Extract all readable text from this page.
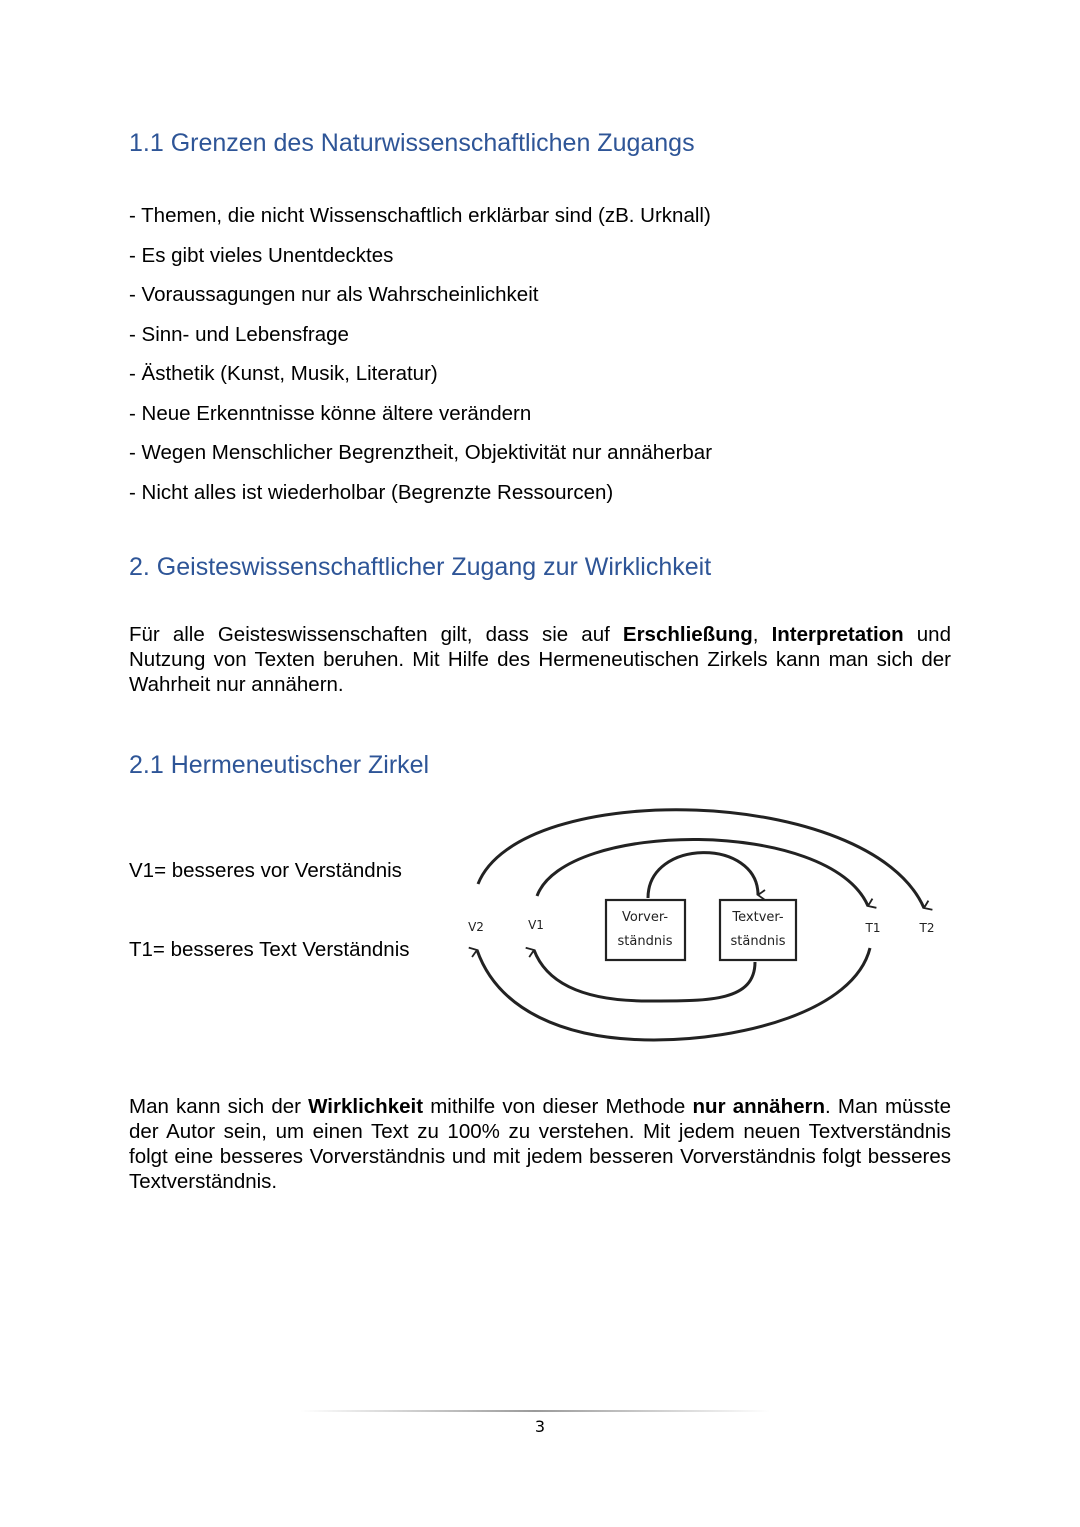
1.1 Grenzen des Naturwissenschaftlichen Zugangs
- Themen, die nicht Wissenschaftlich erklärbar sind (zB. Urknall)
- Es gibt vieles Unentdecktes
- Voraussagungen nur als Wahrscheinlichkeit
- Sinn- und Lebensfrage
- Ästhetik (Kunst, Musik, Literatur)
- Neue Erkenntnisse könne ältere verändern
- Wegen Menschlicher Begrenztheit, Objektivität nur annäherbar
- Nicht alles ist wiederholbar (Begrenzte Ressourcen)
2. Geisteswissenschaftlicher Zugang zur Wirklichkeit

Für alle Geisteswissenschaften gilt, dass sie auf Erschließung, Interpretation und Nutzung von Texten beruhen. Mit Hilfe des Hermeneutischen Zirkels kann man sich der Wahrheit nur annähern.

2.1 Hermeneutischer Zirkel

V1= besseres vor Verständnis

T1= besseres Text Verständnis

Vorver-
ständnis
Textver-
ständnis
V2	V1	T1	T2

Man kann sich der Wirklichkeit mithilfe von dieser Methode nur annähern. Man müsste der Autor sein, um einen Text zu 100% zu verstehen. Mit jedem neuen Textverständnis folgt eine besseres Vorverständnis und mit jedem besseren Vorverständnis folgt besseres Textverständnis.

3
